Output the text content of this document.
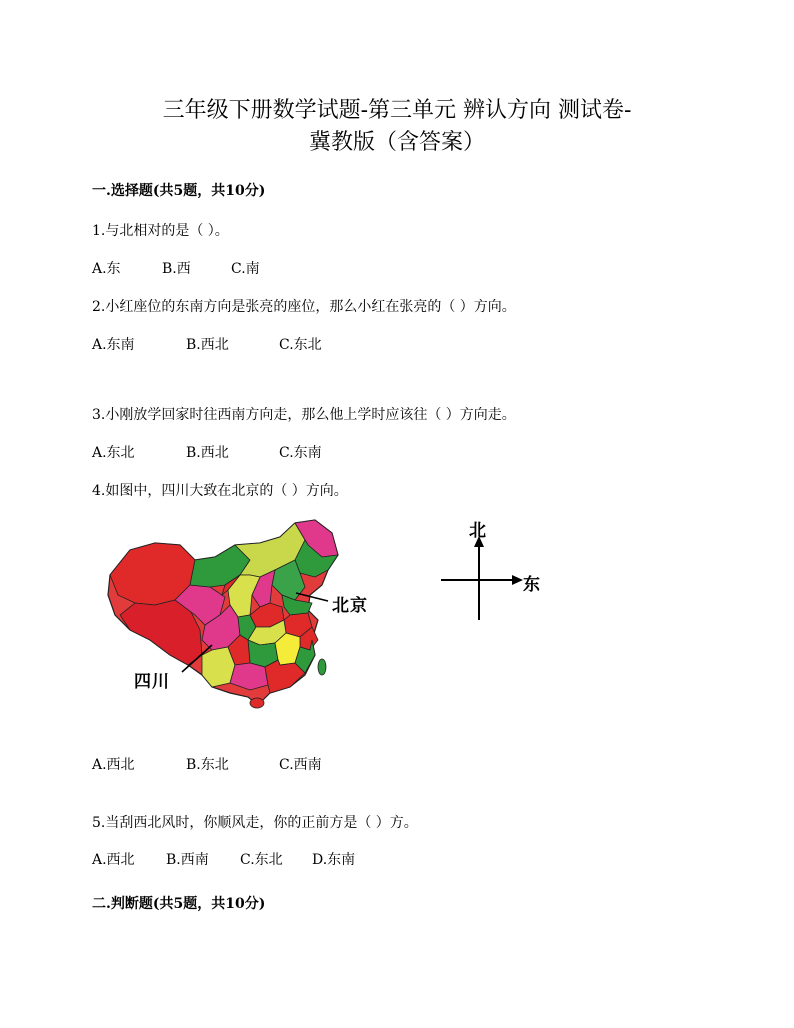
三年级下册数学试题-第三单元 辨认方向 测试卷-
冀教版（含答案）
一.选择题(共5题，共10分)
1.与北相对的是（ ）。
A.东	B.西	C.南
2.小红座位的东南方向是张亮的座位，那么小红在张亮的（ ）方向。
A.东南	B.西北	C.东北
3.小刚放学回家时往西南方向走，那么他上学时应该往（ ）方向走。
A.东北	B.西北	C.东南
4.如图中，四川大致在北京的（ ）方向。
北京
四川
北
东
A.西北	B.东北	C.西南
5.当刮西北风时，你顺风走，你的正前方是（ ）方。
A.西北 B.西南 C.东北 D.东南
二.判断题(共5题，共10分)
